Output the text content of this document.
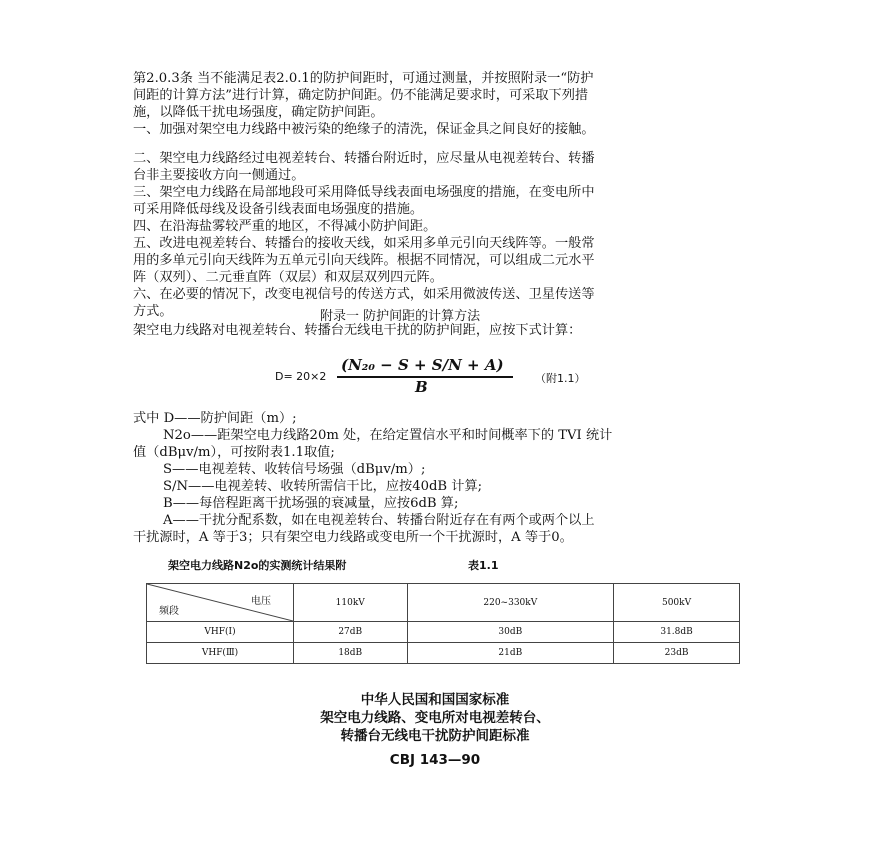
第2.0.3条 当不能满足表2.0.1的防护间距时，可通过测量，并按照附录一“防护
间距的计算方法”进行计算，确定防护间距。仍不能满足要求时，可采取下列措
施，以降低干扰电场强度，确定防护间距。
一、加强对架空电力线路中被污染的绝缘子的清洗，保证金具之间良好的接触。
二、架空电力线路经过电视差转台、转播台附近时，应尽量从电视差转台、转播
台非主要接收方向一侧通过。
三、架空电力线路在局部地段可采用降低导线表面电场强度的措施，在变电所中
可采用降低母线及设备引线表面电场强度的措施。
四、在沿海盐雾较严重的地区，不得减小防护间距。
五、改进电视差转台、转播台的接收天线，如采用多单元引向天线阵等。一般常
用的多单元引向天线阵为五单元引向天线阵。根据不同情况，可以组成二元水平
阵（双列）、二元垂直阵（双层）和双层双列四元阵。
六、在必要的情况下，改变电视信号的传送方式，如采用微波传送、卫星传送等
方式。	附录一 防护间距的计算方法
架空电力线路对电视差转台、转播台无线电干扰的防护间距，应按下式计算：
D= 20×2
(N₂₀ − S + S/N + A)
B	（附1.1）
式中 D——防护间距（m）;
N2o——距架空电力线路20m 处，在给定置信水平和时间概率下的 TVI 统计
值（dBμv/m），可按附表1.1取值;
S——电视差转、收转信号场强（dBμv/m）;
S/N——电视差转、收转所需信干比，应按40dB 计算;
B——每倍程距离干扰场强的衰减量，应按6dB 算;
A——干扰分配系数，如在电视差转台、转播台附近存在有两个或两个以上
干扰源时，A 等于3；只有架空电力线路或变电所一个干扰源时，A 等于0。
架空电力线路N2o的实测统计结果附	表1.1
电压
频段	110kV	220~330kV	500kV
VHF(Ⅰ)	27dB	30dB	31.8dB
VHF(Ⅲ)	18dB	21dB	23dB
中华人民国和国国家标准
架空电力线路、变电所对电视差转台、
转播台无线电干扰防护间距标准
CBJ 143—90
